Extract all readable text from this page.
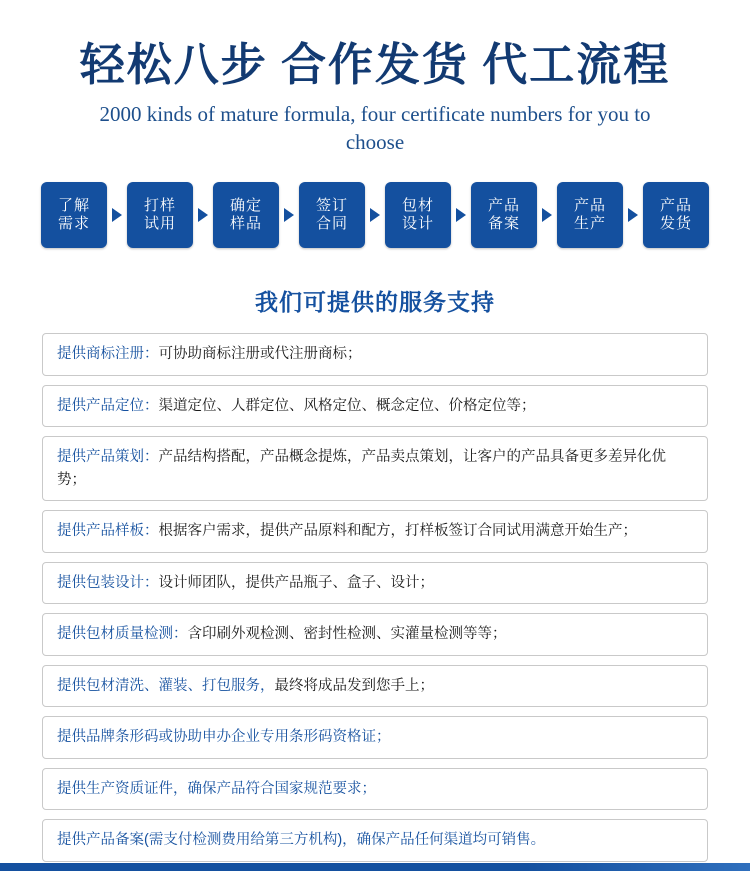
轻松八步 合作发货 代工流程
2000 kinds of mature formula, four certificate numbers for you to choose
了解
需求
打样
试用
确定
样品
签订
合同
包材
设计
产品
备案
产品
生产
产品
发货
我们可提供的服务支持
提供商标注册：可协助商标注册或代注册商标；
提供产品定位：渠道定位、人群定位、风格定位、概念定位、价格定位等；
提供产品策划：产品结构搭配，产品概念提炼，产品卖点策划，让客户的产品具备更多差异化优势；
提供产品样板：根据客户需求，提供产品原料和配方，打样板签订合同试用满意开始生产；
提供包装设计：设计师团队，提供产品瓶子、盒子、设计；
提供包材质量检测：含印刷外观检测、密封性检测、实灌量检测等等；
提供包材清洗、灌装、打包服务，最终将成品发到您手上；
提供品牌条形码或协助申办企业专用条形码资格证；
提供生产资质证件，确保产品符合国家规范要求；
提供产品备案(需支付检测费用给第三方机构)，确保产品任何渠道均可销售。
